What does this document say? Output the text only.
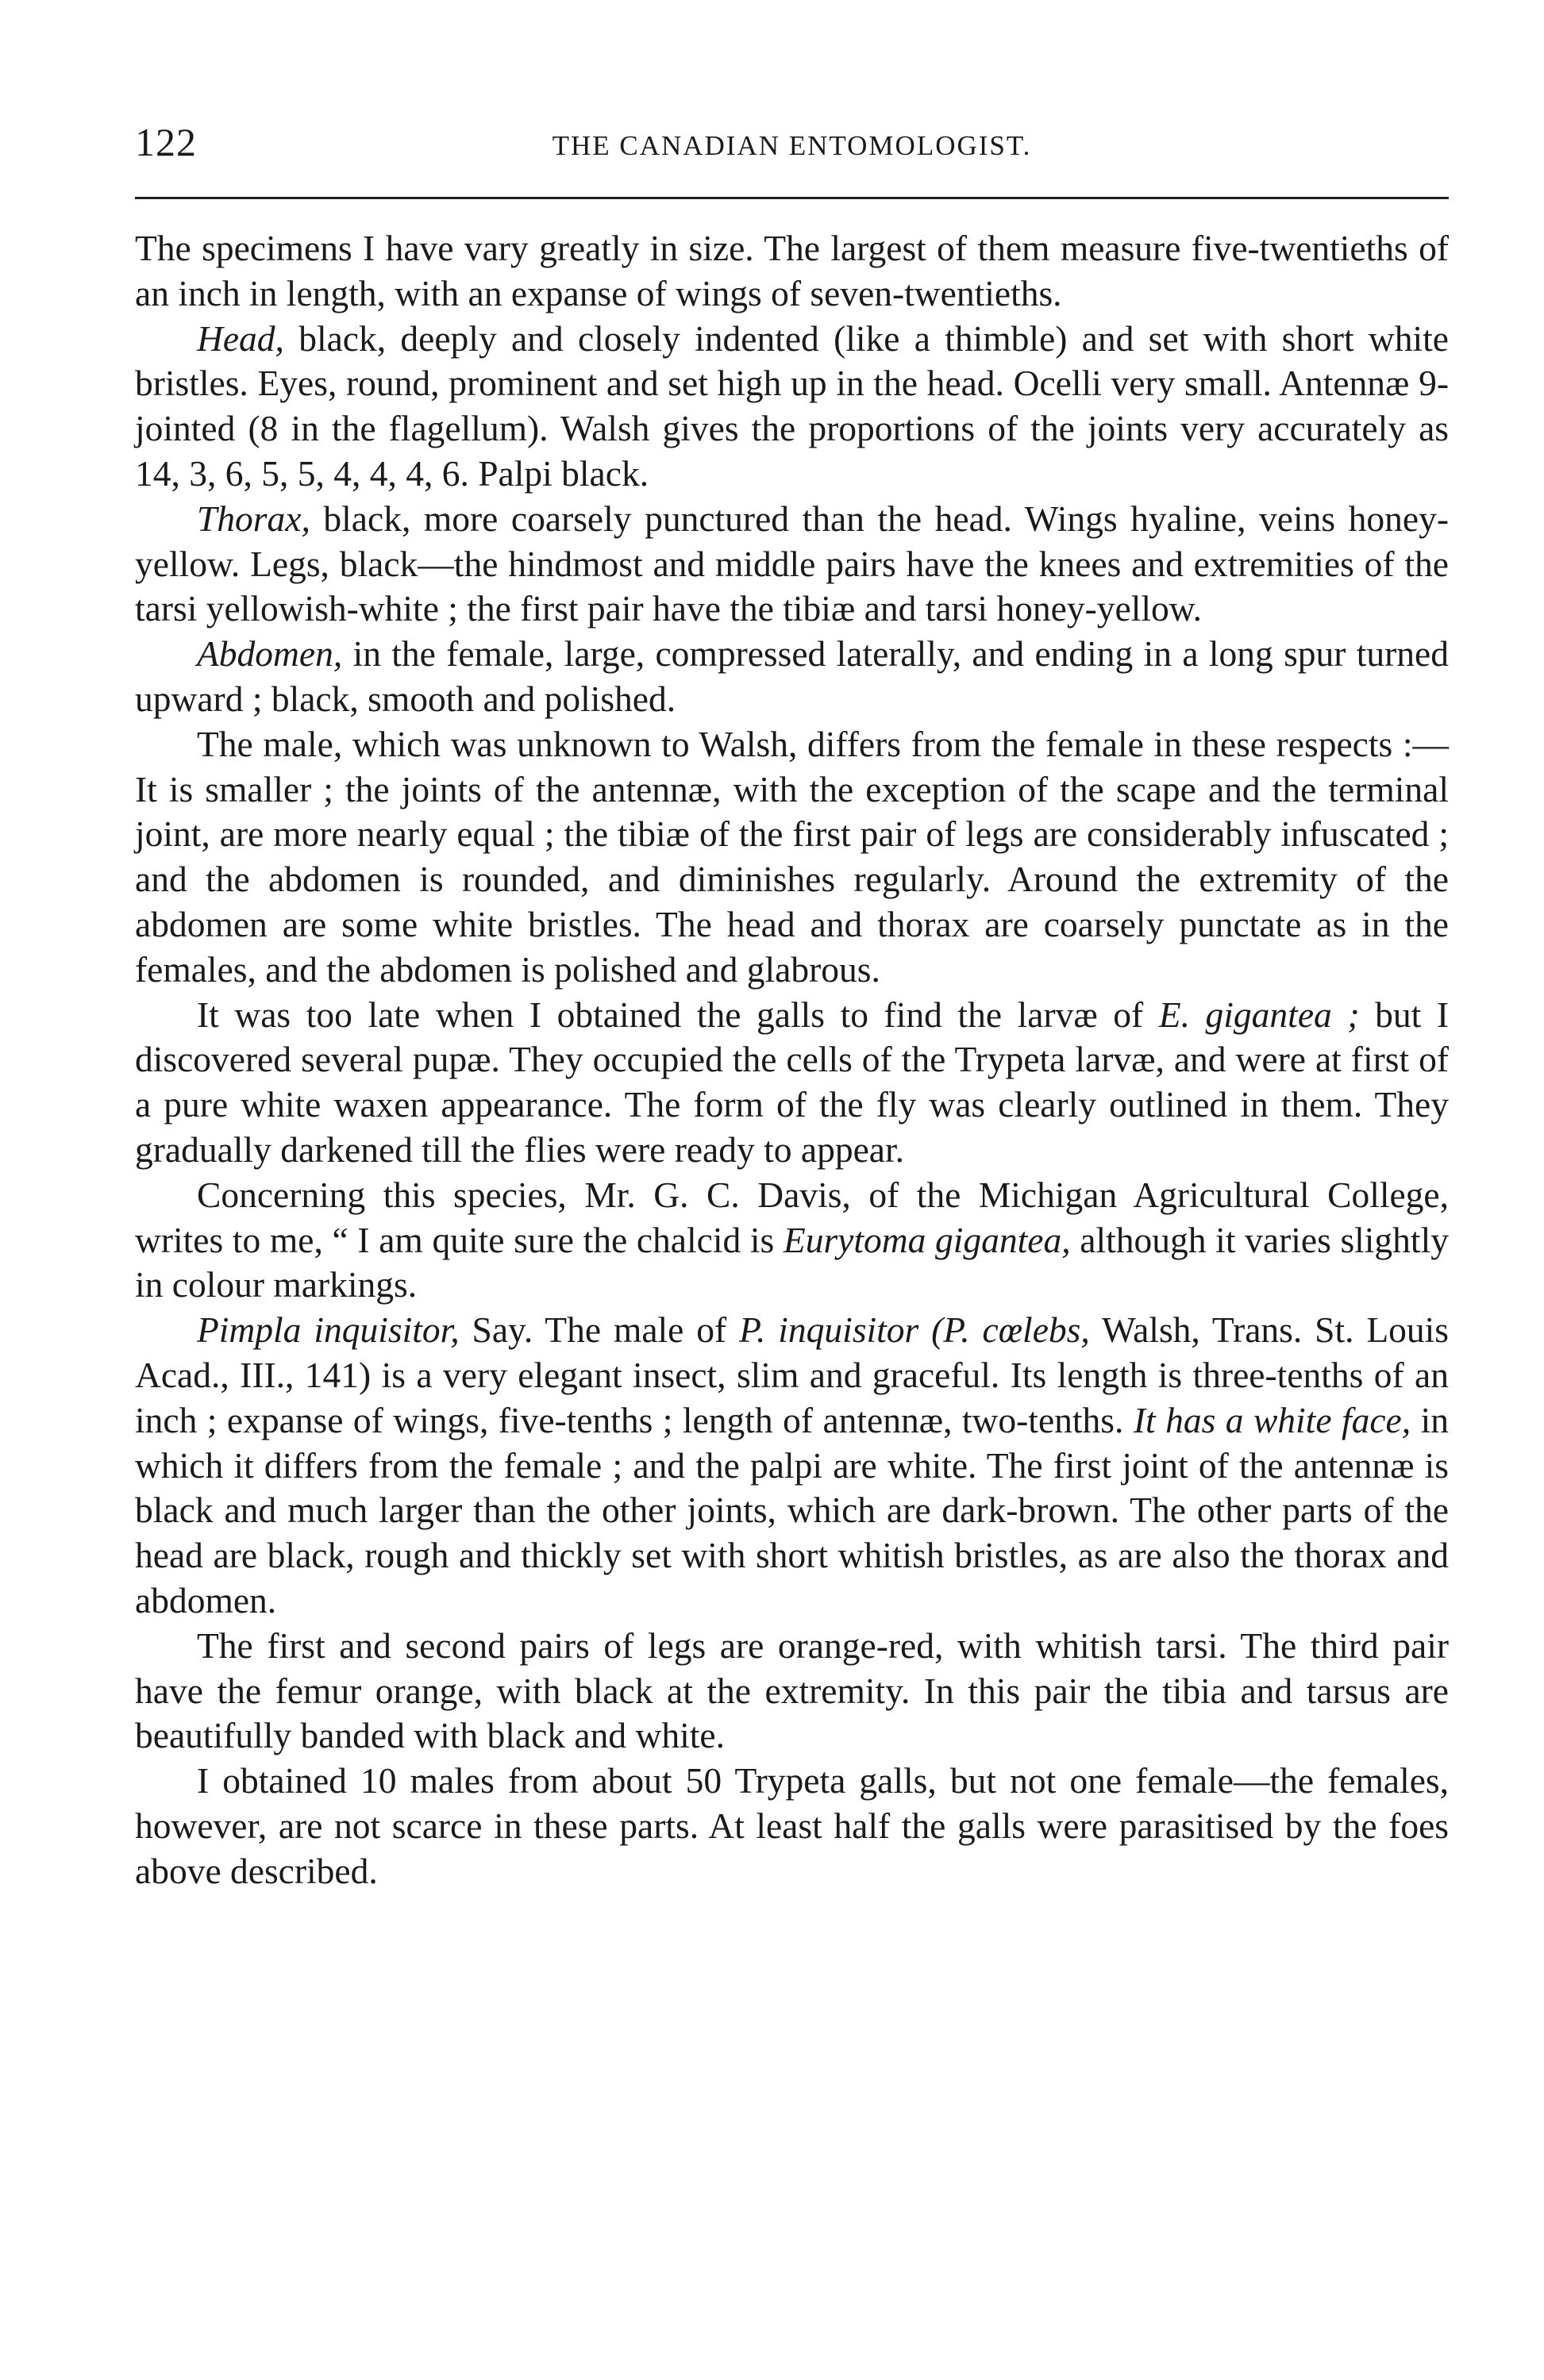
122	THE CANADIAN ENTOMOLOGIST.

The specimens I have vary greatly in size. The largest of them measure five-twentieths of an inch in length, with an expanse of wings of seven-twentieths.

Head, black, deeply and closely indented (like a thimble) and set with short white bristles. Eyes, round, prominent and set high up in the head. Ocelli very small. Antennæ 9-jointed (8 in the flagellum). Walsh gives the proportions of the joints very accurately as 14, 3, 6, 5, 5, 4, 4, 4, 6. Palpi black.

Thorax, black, more coarsely punctured than the head. Wings hyaline, veins honey-yellow. Legs, black—the hindmost and middle pairs have the knees and extremities of the tarsi yellowish-white ; the first pair have the tibiæ and tarsi honey-yellow.

Abdomen, in the female, large, compressed laterally, and ending in a long spur turned upward ; black, smooth and polished.

The male, which was unknown to Walsh, differs from the female in these respects :—It is smaller ; the joints of the antennæ, with the exception of the scape and the terminal joint, are more nearly equal ; the tibiæ of the first pair of legs are considerably infuscated ; and the abdomen is rounded, and diminishes regularly. Around the extremity of the abdomen are some white bristles. The head and thorax are coarsely punctate as in the females, and the abdomen is polished and glabrous.

It was too late when I obtained the galls to find the larvæ of E. gigantea ; but I discovered several pupæ. They occupied the cells of the Trypeta larvæ, and were at first of a pure white waxen appearance. The form of the fly was clearly outlined in them. They gradually darkened till the flies were ready to appear.

Concerning this species, Mr. G. C. Davis, of the Michigan Agricultural College, writes to me, “ I am quite sure the chalcid is Eurytoma gigantea, although it varies slightly in colour markings.

Pimpla inquisitor, Say. The male of P. inquisitor (P. cœlebs, Walsh, Trans. St. Louis Acad., III., 141) is a very elegant insect, slim and graceful. Its length is three-tenths of an inch ; expanse of wings, five-tenths ; length of antennæ, two-tenths. It has a white face, in which it differs from the female ; and the palpi are white. The first joint of the antennæ is black and much larger than the other joints, which are dark-brown. The other parts of the head are black, rough and thickly set with short whitish bristles, as are also the thorax and abdomen.

The first and second pairs of legs are orange-red, with whitish tarsi. The third pair have the femur orange, with black at the extremity. In this pair the tibia and tarsus are beautifully banded with black and white.

I obtained 10 males from about 50 Trypeta galls, but not one female—the females, however, are not scarce in these parts. At least half the galls were parasitised by the foes above described.
